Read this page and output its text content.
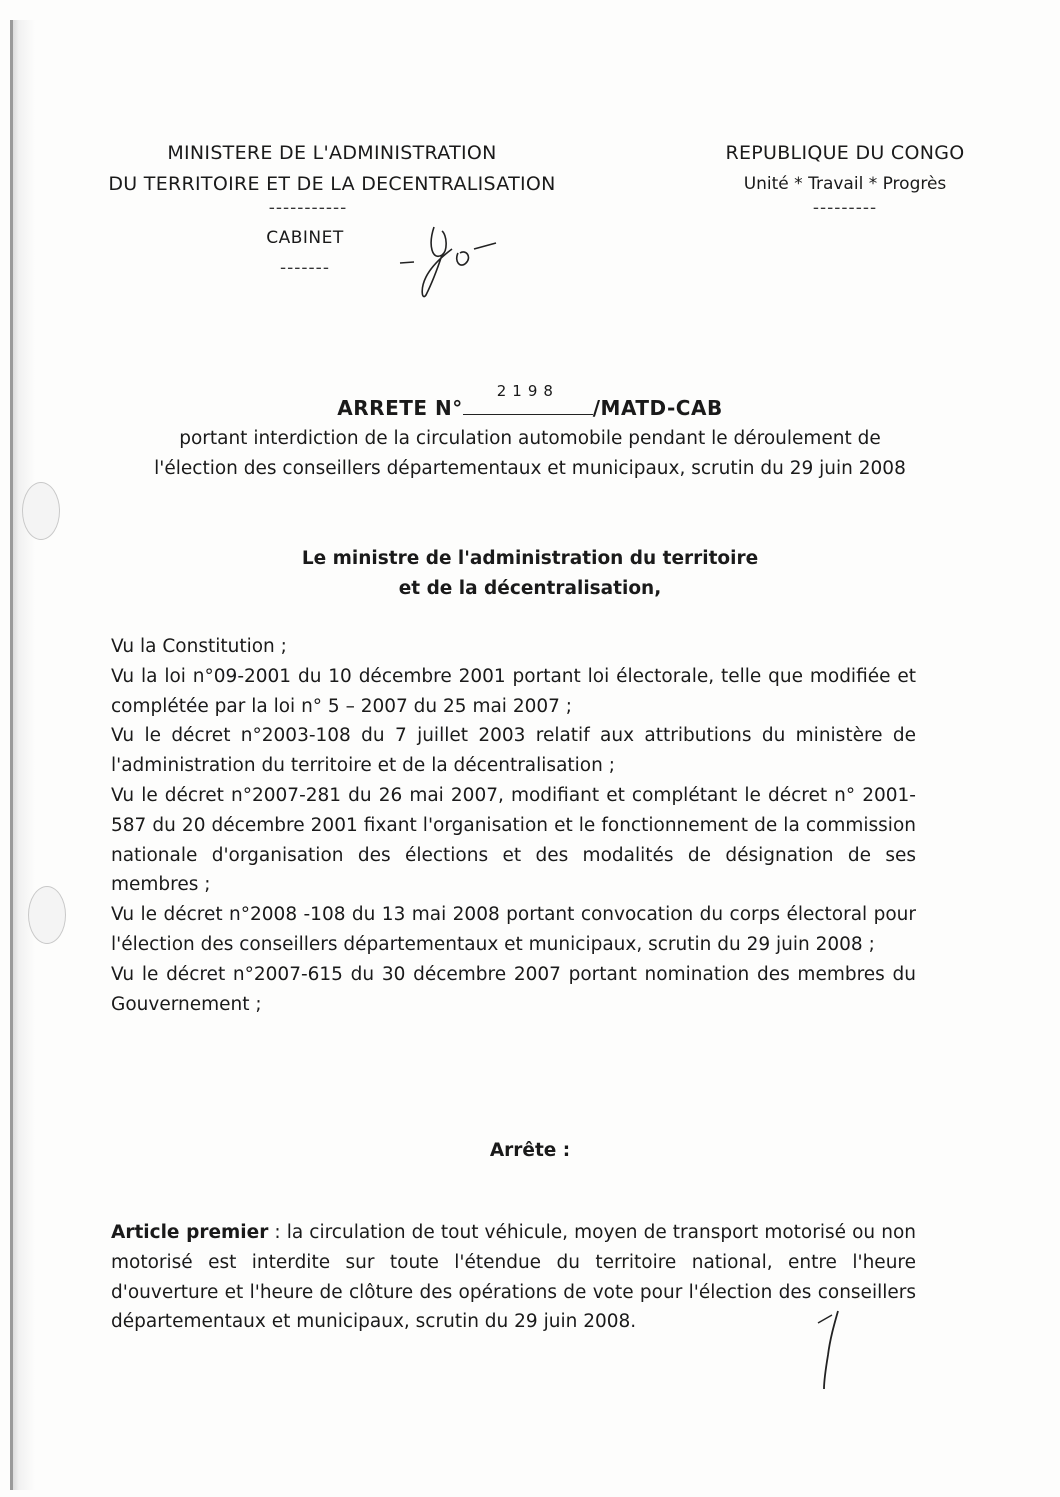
MINISTERE DE L'ADMINISTRATION
DU TERRITOIRE ET DE LA DECENTRALISATION
-----------
CABINET
-------
REPUBLIQUE DU CONGO
Unité * Travail * Progrès
---------
ARRETE N°
2198
/MATD-CAB
portant interdiction de la circulation automobile pendant le déroulement de
l'élection des conseillers départementaux et municipaux, scrutin du 29 juin 2008
Le ministre de l'administration du territoire
et de la décentralisation,

Vu la Constitution ;

Vu la loi n°09-2001 du 10 décembre 2001 portant loi électorale, telle que modifiée et complétée par la loi n° 5 – 2007 du 25 mai 2007 ;

Vu le décret n°2003-108 du 7 juillet 2003 relatif aux attributions du ministère de l'administration du territoire et de la décentralisation ;

Vu le décret n°2007-281 du 26 mai 2007, modifiant et complétant le décret n° 2001-587 du 20 décembre 2001 fixant l'organisation et le fonctionnement de la commission nationale d'organisation des élections et des modalités de désignation de ses membres ;

Vu le décret n°2008 -108 du 13 mai 2008 portant convocation du corps électoral pour l'élection des conseillers départementaux et municipaux, scrutin du 29 juin 2008 ;

Vu le décret n°2007-615 du 30 décembre 2007 portant nomination des membres du Gouvernement ;

Arrête :
Article premier : la circulation de tout véhicule, moyen de transport motorisé ou non motorisé est interdite sur toute l'étendue du territoire national, entre l'heure d'ouverture et l'heure de clôture des opérations de vote pour l'élection des conseillers départementaux et municipaux, scrutin du 29 juin 2008.
